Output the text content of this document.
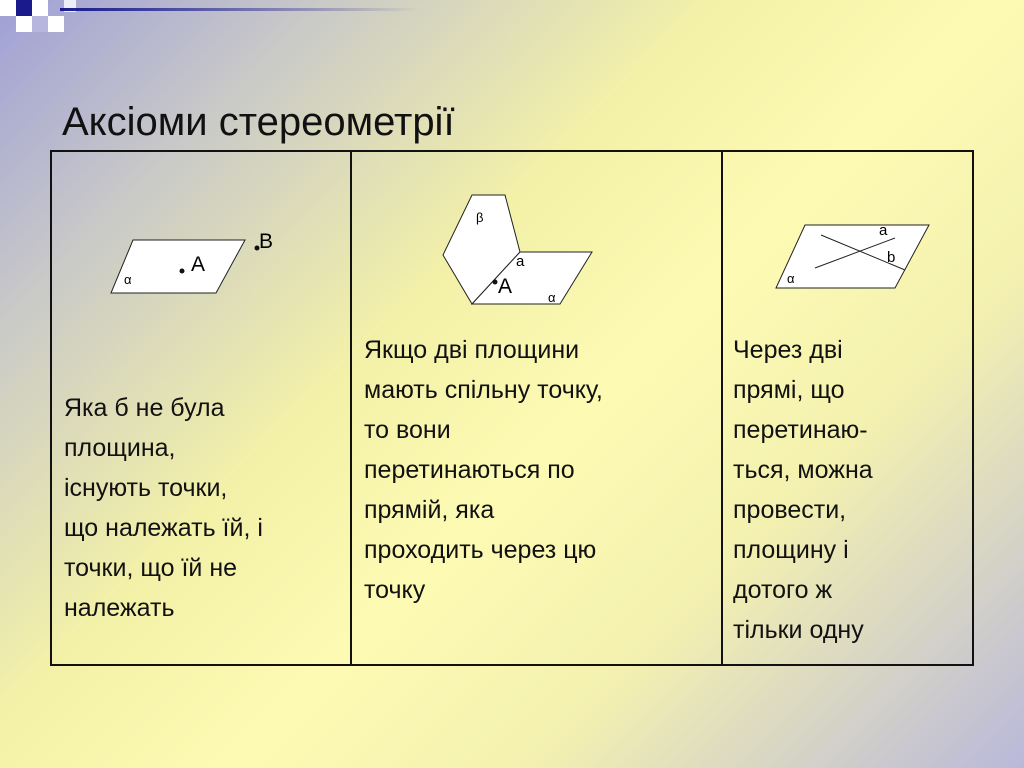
Аксіоми стереометрії
α
А
В
Яка б не була
площина,
існують точки,
що належать їй, і
точки, що їй не
належать
β
а
А	α
Якщо дві площини
мають спільну точку,
то вони
перетинаються по
прямій, яка
проходить через цю
точку
а
b
α
Через дві
прямі, що
перетинаю-
ться, можна
провести,
площину і
дотого ж
тільки одну
